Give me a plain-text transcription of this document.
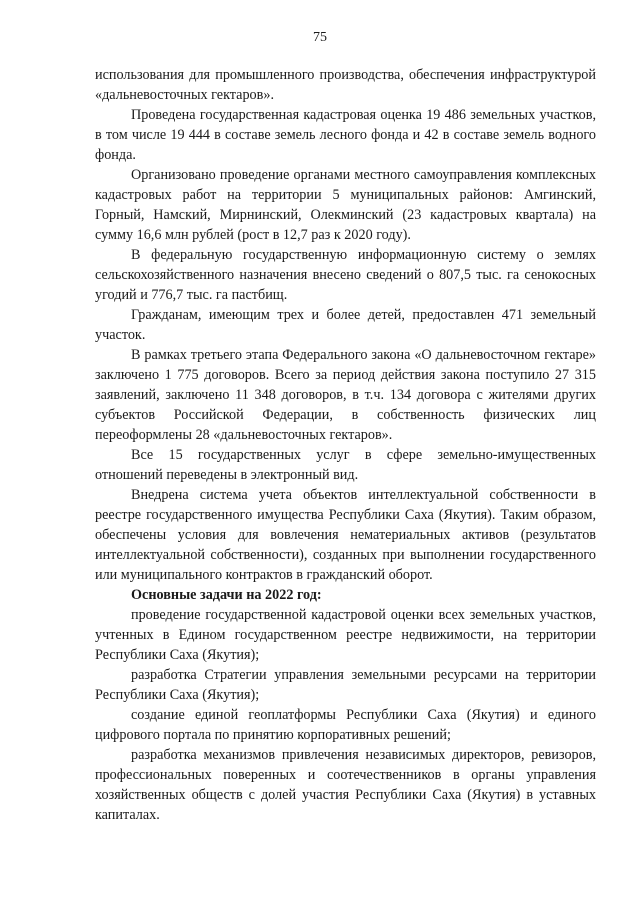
75

использования для промышленного производства, обеспечения инфраструктурой «дальневосточных гектаров».

Проведена государственная кадастровая оценка 19 486 земельных участков, в том числе 19 444 в составе земель лесного фонда и 42 в составе земель водного фонда.

Организовано проведение органами местного самоуправления комплексных кадастровых работ на территории 5 муниципальных районов: Амгинский, Горный, Намский, Мирнинский, Олекминский (23 кадастровых квартала) на сумму 16,6 млн рублей (рост в 12,7 раз к 2020 году).

В федеральную государственную информационную систему о землях сельскохозяйственного назначения внесено сведений о 807,5 тыс. га сенокосных угодий и 776,7 тыс. га пастбищ.

Гражданам, имеющим трех и более детей, предоставлен 471 земельный участок.

В рамках третьего этапа Федерального закона «О дальневосточном гектаре» заключено 1 775 договоров. Всего за период действия закона поступило 27 315 заявлений, заключено 11 348 договоров, в т.ч. 134 договора с жителями других субъектов Российской Федерации, в собственность физических лиц переоформлены 28 «дальневосточных гектаров».

Все 15 государственных услуг в сфере земельно-имущественных отношений переведены в электронный вид.

Внедрена система учета объектов интеллектуальной собственности в реестре государственного имущества Республики Саха (Якутия). Таким образом, обеспечены условия для вовлечения нематериальных активов (результатов интеллектуальной собственности), созданных при выполнении государственного или муниципального контрактов в гражданский оборот.

Основные задачи на 2022 год:

проведение государственной кадастровой оценки всех земельных участков, учтенных в Едином государственном реестре недвижимости, на территории Республики Саха (Якутия);

разработка Стратегии управления земельными ресурсами на территории Республики Саха (Якутия);

создание единой геоплатформы Республики Саха (Якутия) и единого цифрового портала по принятию корпоративных решений;

разработка механизмов привлечения независимых директоров, ревизоров, профессиональных поверенных и соотечественников в органы управления хозяйственных обществ с долей участия Республики Саха (Якутия) в уставных капиталах.
